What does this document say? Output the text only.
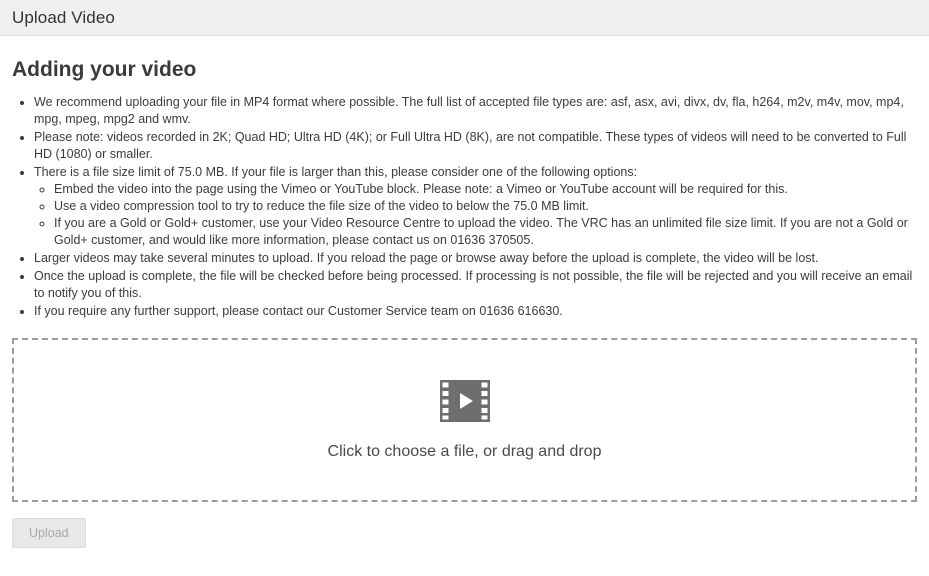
Upload Video
Adding your video
• We recommend uploading your file in MP4 format where possible. The full list of accepted file types are: asf, asx, avi, divx, dv, fla, h264, m2v, m4v, mov, mp4, mpg, mpeg, mpg2 and wmv.
• Please note: videos recorded in 2K; Quad HD; Ultra HD (4K); or Full Ultra HD (8K), are not compatible. These types of videos will need to be converted to Full HD (1080) or smaller.
• There is a file size limit of 75.0 MB. If your file is larger than this, please consider one of the following options:
◦ Embed the video into the page using the Vimeo or YouTube block. Please note: a Vimeo or YouTube account will be required for this.
◦ Use a video compression tool to try to reduce the file size of the video to below the 75.0 MB limit.
◦ If you are a Gold or Gold+ customer, use your Video Resource Centre to upload the video. The VRC has an unlimited file size limit. If you are not a Gold or Gold+ customer, and would like more information, please contact us on 01636 370505.
• Larger videos may take several minutes to upload. If you reload the page or browse away before the upload is complete, the video will be lost.
• Once the upload is complete, the file will be checked before being processed. If processing is not possible, the file will be rejected and you will receive an email to notify you of this.
• If you require any further support, please contact our Customer Service team on 01636 616630.
Click to choose a file, or drag and drop
Upload
